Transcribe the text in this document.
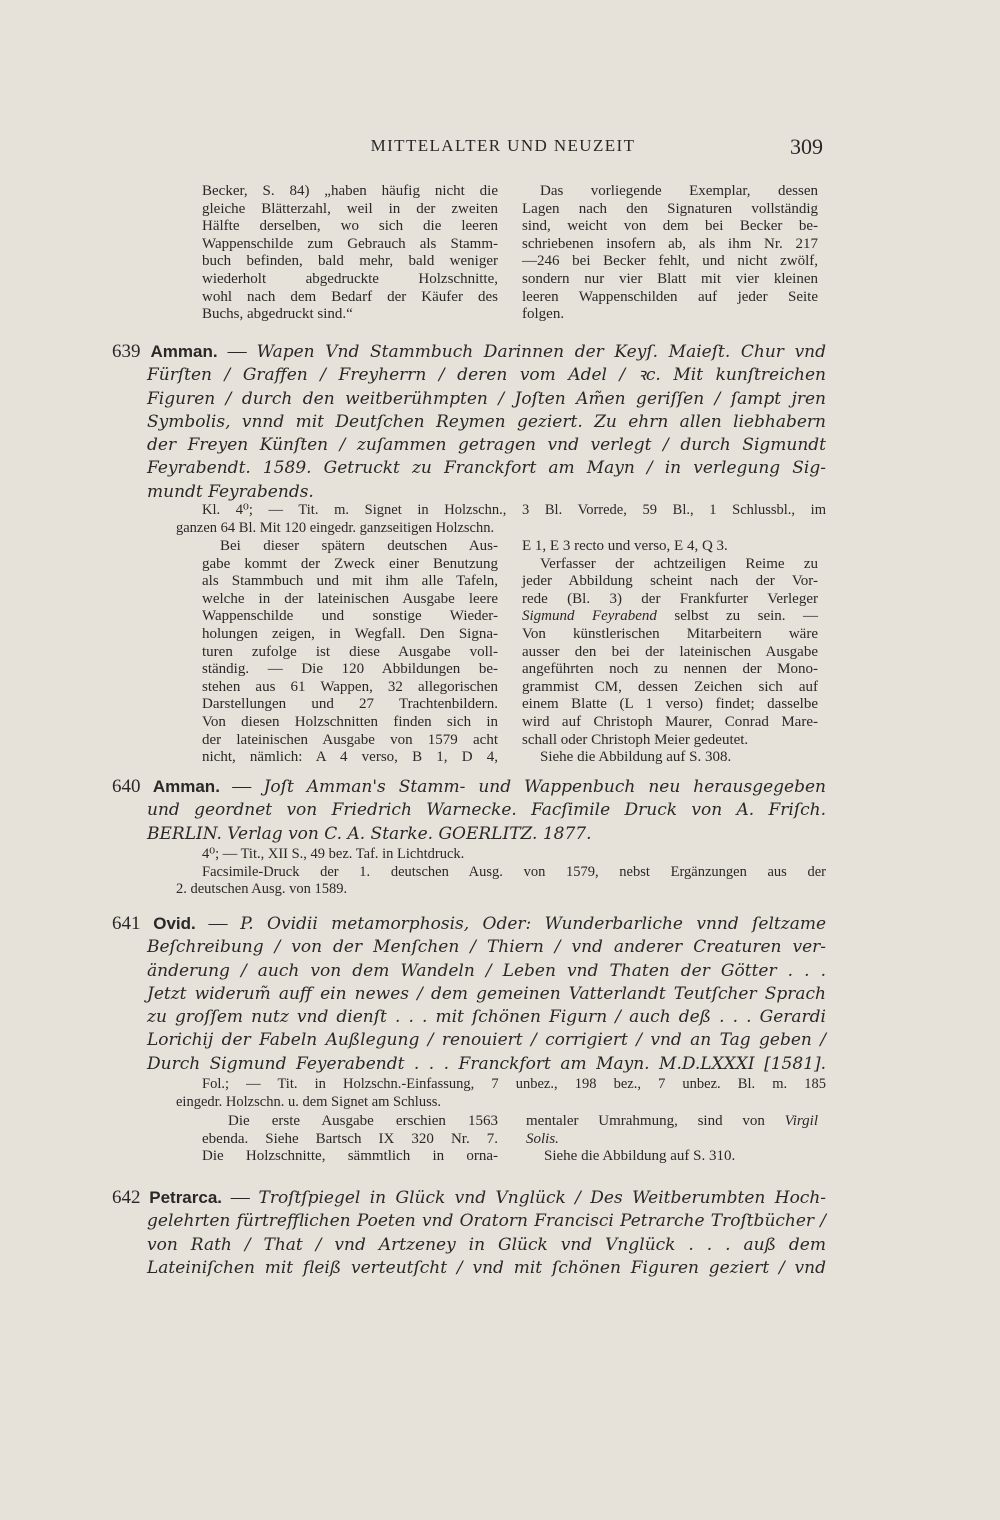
MITTELALTER UND NEUZEIT	309
Becker, S. 84) „haben häufig nicht die
gleiche Blätterzahl, weil in der zweiten
Hälfte derselben, wo sich die leeren
Wappenschilde zum Gebrauch als Stamm-
buch befinden, bald mehr, bald weniger
wiederholt abgedruckte Holzschnitte,
wohl nach dem Bedarf der Käufer des
Buchs, abgedruckt sind.“
Das vorliegende Exemplar, dessen
Lagen nach den Signaturen vollständig
sind, weicht von dem bei Becker be-
schriebenen insofern ab, als ihm Nr. 217
—246 bei Becker fehlt, und nicht zwölf,
sondern nur vier Blatt mit vier kleinen
leeren Wappenschilden auf jeder Seite
folgen.
639 Amman. — Wapen Vnd Stammbuch Darinnen der Keyſ. Maieſt. Chur vnd
Fürſten / Graffen / Freyherrn / deren vom Adel / ꝛc. Mit kunſtreichen
Figuren / durch den weitberühmpten / Joſten Am̃en geriſſen / ſampt jren
Symbolis, vnnd mit Deutſchen Reymen geziert. Zu ehrn allen liebhabern
der Freyen Künſten / zuſammen getragen vnd verlegt / durch Sigmundt
Feyrabendt. 1589. Getruckt zu Franckfort am Mayn / in verlegung Sig-
mundt Feyrabends.
Kl. 4⁰; — Tit. m. Signet in Holzschn., 3 Bl. Vorrede, 59 Bl., 1 Schlussbl., im
ganzen 64 Bl. Mit 120 eingedr. ganzseitigen Holzschn.
Bei dieser spätern deutschen Aus-
gabe kommt der Zweck einer Benutzung
als Stammbuch und mit ihm alle Tafeln,
welche in der lateinischen Ausgabe leere
Wappenschilde und sonstige Wieder-
holungen zeigen, in Wegfall. Den Signa-
turen zufolge ist diese Ausgabe voll-
ständig. — Die 120 Abbildungen be-
stehen aus 61 Wappen, 32 allegorischen
Darstellungen und 27 Trachtenbildern.
Von diesen Holzschnitten finden sich in
der lateinischen Ausgabe von 1579 acht
nicht, nämlich: A 4 verso, B 1, D 4,
E 1, E 3 recto und verso, E 4, Q 3.
Verfasser der achtzeiligen Reime zu
jeder Abbildung scheint nach der Vor-
rede (Bl. 3) der Frankfurter Verleger
Sigmund Feyrabend selbst zu sein. —
Von künstlerischen Mitarbeitern wäre
ausser den bei der lateinischen Ausgabe
angeführten noch zu nennen der Mono-
grammist CM, dessen Zeichen sich auf
einem Blatte (L 1 verso) findet; dasselbe
wird auf Christoph Maurer, Conrad Mare-
schall oder Christoph Meier gedeutet.
Siehe die Abbildung auf S. 308.
640 Amman. — Joſt Amman's Stamm- und Wappenbuch neu herausgegeben
und geordnet von Friedrich Warnecke. Facſimile Druck von A. Friſch.
BERLIN. Verlag von C. A. Starke. GOERLITZ. 1877.
4⁰; — Tit., XII S., 49 bez. Taf. in Lichtdruck.
Facsimile-Druck der 1. deutschen Ausg. von 1579, nebst Ergänzungen aus der
2. deutschen Ausg. von 1589.
641 Ovid. — P. Ovidii metamorphosis, Oder: Wunderbarliche vnnd ſeltzame
Beſchreibung / von der Menſchen / Thiern / vnd anderer Creaturen ver-
änderung / auch von dem Wandeln / Leben vnd Thaten der Götter . . .
Jetzt widerum̃ auff ein newes / dem gemeinen Vatterlandt Teutſcher Sprach
zu groſſem nutz vnd dienſt . . . mit ſchönen Figurn / auch deß . . . Gerardi
Lorichij der Fabeln Außlegung / renouiert / corrigiert / vnd an Tag geben /
Durch Sigmund Feyerabendt . . . Franckfort am Mayn. M.D.LXXXI [1581].
Fol.; — Tit. in Holzschn.-Einfassung, 7 unbez., 198 bez., 7 unbez. Bl. m. 185
eingedr. Holzschn. u. dem Signet am Schluss.
Die erste Ausgabe erschien 1563
ebenda. Siehe Bartsch IX 320 Nr. 7.
Die Holzschnitte, sämmtlich in orna-
mentaler Umrahmung, sind von Virgil
Solis.
Siehe die Abbildung auf S. 310.
642 Petrarca. — Troſtſpiegel in Glück vnd Vnglück / Des Weitberumbten Hoch-
gelehrten fürtrefflichen Poeten vnd Oratorn Francisci Petrarche Troſtbücher /
von Rath / That / vnd Artzeney in Glück vnd Vnglück . . . auß dem
Lateiniſchen mit fleiß verteutſcht / vnd mit ſchönen Figuren geziert / vnd
